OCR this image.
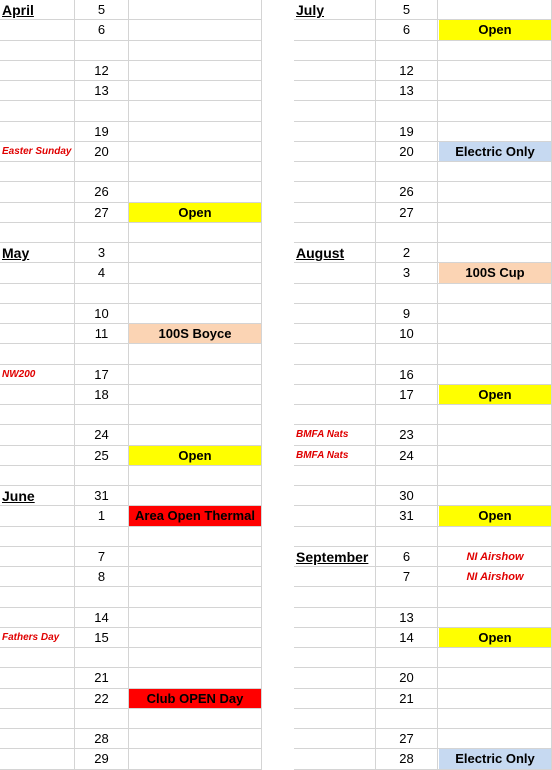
April	5
6
12
13
19
Easter Sunday	20
26
27	Open
May	3
4
10
11	100S Boyce
NW200	17
18
24
25	Open
June	31
1	Area Open Thermal
7
8
14
Fathers Day	15
21
22	Club OPEN Day
28
29
July	5
6	Open
12
13
19
20	Electric Only
26
27
August	2
3	100S Cup
9
10
16
17	Open
BMFA Nats	23
BMFA Nats	24
30
31	Open
September	6	NI Airshow
7	NI Airshow
13
14	Open
20
21
27
28	Electric Only
